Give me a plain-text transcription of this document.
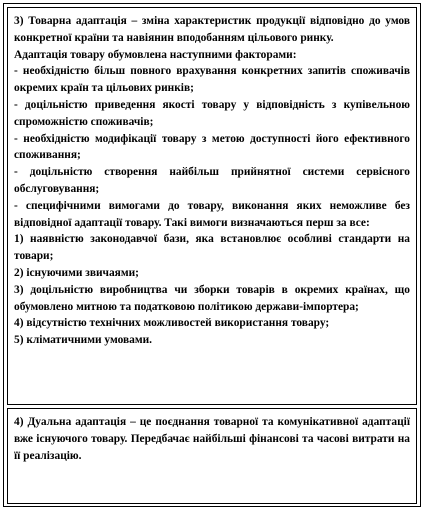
3) Товарна адаптація – зміна характеристик продукції відповідно до умов конкретної країни та навіянин вподобанням цільового ринку.
Адаптація товару обумовлена наступними факторами:
- необхідністю більш повного врахування конкретних запитів споживачів окремих країн та цільових ринків;
- доцільністю приведення якості товару у відповідність з купівельною спроможністю споживачів;
- необхідністю модифікації товару з метою доступності його ефективного споживання;
- доцільністю створення найбільш прийнятної системи сервісного обслуговування;
- специфічними вимогами до товару, виконання яких неможливе без відповідної адаптації товару. Такі вимоги визначаються перш за все:
1) наявністю законодавчої бази, яка встановлює особливі стандарти на товари;
2) існуючими звичаями;
3) доцільністю виробництва чи зборки товарів в окремих країнах, що обумовлено митною та податковою політикою держави-імпортера;
4) відсутністю технічних можливостей використання товару;
5) кліматичними умовами.
4) Дуальна адаптація – це поєднання товарної та комунікативної адаптації вже існуючого товару. Передбачає найбільші фінансові та часові витрати на її реалізацію.
